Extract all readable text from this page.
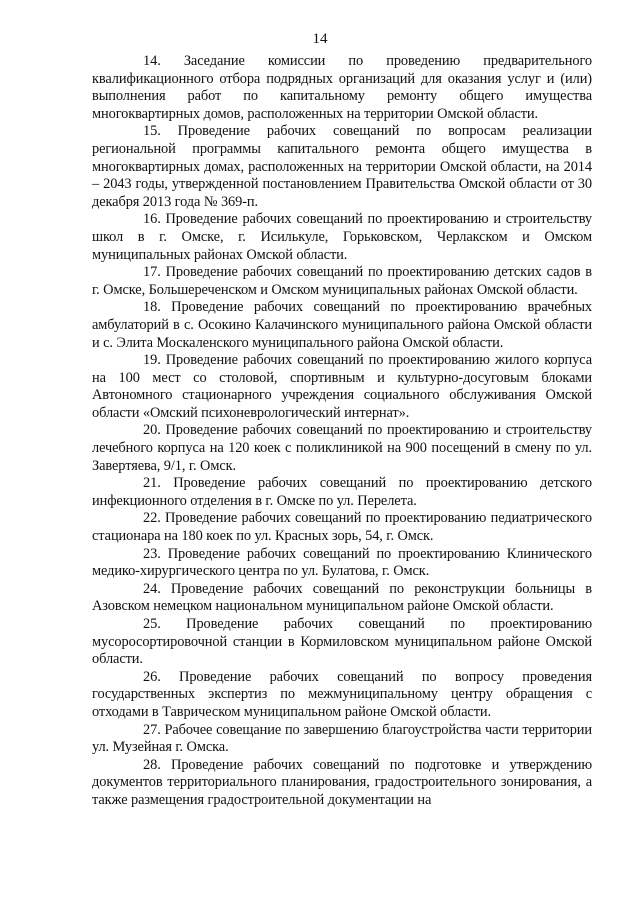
14

14. Заседание комиссии по проведению предварительного квалификационного отбора подрядных организаций для оказания услуг и (или) выполнения работ по капитальному ремонту общего имущества многоквартирных домов, расположенных на территории Омской области.

15. Проведение рабочих совещаний по вопросам реализации региональной программы капитального ремонта общего имущества в многоквартирных домах, расположенных на территории Омской области, на 2014 – 2043 годы, утвержденной постановлением Правительства Омской области от 30 декабря 2013 года № 369-п.

16. Проведение рабочих совещаний по проектированию и строительству школ в г. Омске, г. Исилькуле, Горьковском, Черлакском и Омском муниципальных районах Омской области.

17. Проведение рабочих совещаний по проектированию детских садов в г. Омске, Большереченском и Омском муниципальных районах Омской области.

18. Проведение рабочих совещаний по проектированию врачебных амбулаторий в с. Осокино Калачинского муниципального района Омской области и с. Элита Москаленского муниципального района Омской области.

19. Проведение рабочих совещаний по проектированию жилого корпуса на 100 мест со столовой, спортивным и культурно-досуговым блоками Автономного стационарного учреждения социального обслуживания Омской области «Омский психоневрологический интернат».

20. Проведение рабочих совещаний по проектированию и строительству лечебного корпуса на 120 коек с поликлиникой на 900 посещений в смену по ул. Завертяева, 9/1, г. Омск.

21. Проведение рабочих совещаний по проектированию детского инфекционного отделения в г. Омске по ул. Перелета.

22. Проведение рабочих совещаний по проектированию педиатрического стационара на 180 коек по ул. Красных зорь, 54, г. Омск.

23. Проведение рабочих совещаний по проектированию Клинического медико-хирургического центра по ул. Булатова, г. Омск.

24. Проведение рабочих совещаний по реконструкции больницы в Азовском немецком национальном муниципальном районе Омской области.

25. Проведение рабочих совещаний по проектированию мусоросортировочной станции в Кормиловском муниципальном районе Омской области.

26. Проведение рабочих совещаний по вопросу проведения государственных экспертиз по межмуниципальному центру обращения с отходами в Таврическом муниципальном районе Омской области.

27. Рабочее совещание по завершению благоустройства части территории ул. Музейная г. Омска.

28. Проведение рабочих совещаний по подготовке и утверждению документов территориального планирования, градостроительного зонирования, а также размещения градостроительной документации на
